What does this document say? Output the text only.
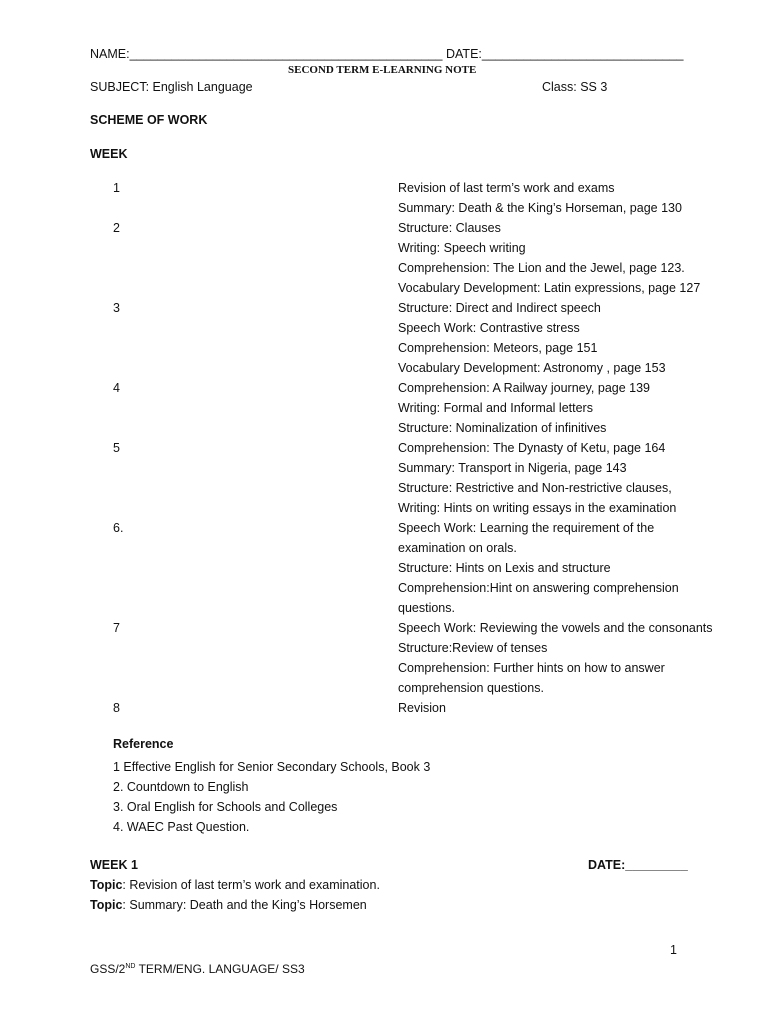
NAME:_____________________________________________ DATE:_____________________________
SECOND TERM E-LEARNING NOTE
SUBJECT: English Language	Class: SS 3
SCHEME OF WORK
WEEK
1	Revision of last term’s work and exams
Summary: Death & the King’s Horseman, page 130
2	Structure: Clauses
Writing: Speech writing
Comprehension: The Lion and the Jewel, page 123.
Vocabulary Development: Latin expressions, page 127
3	Structure: Direct and Indirect speech
Speech Work: Contrastive stress
Comprehension: Meteors, page 151
Vocabulary Development: Astronomy , page 153
4	Comprehension: A Railway journey, page 139
Writing: Formal and Informal letters
Structure: Nominalization of infinitives
5	Comprehension: The Dynasty of Ketu, page 164
Summary: Transport in Nigeria, page 143
Structure: Restrictive and Non-restrictive clauses,
Writing: Hints on writing essays in the examination
6.	Speech Work: Learning the requirement of the
examination on orals.
Structure: Hints on Lexis and structure
Comprehension:Hint on answering comprehension
questions.
7	Speech Work: Reviewing the vowels and the consonants
Structure:Review of tenses
Comprehension: Further hints on how to answer
comprehension questions.
8	Revision
Reference
1 Effective English for Senior Secondary Schools, Book 3
2. Countdown to English
3. Oral English for Schools and Colleges
4. WAEC Past Question.
WEEK 1	DATE:_________
Topic: Revision of last term’s work and examination.
Topic: Summary: Death and the King’s Horsemen
1
GSS/2ND TERM/ENG. LANGUAGE/ SS3
